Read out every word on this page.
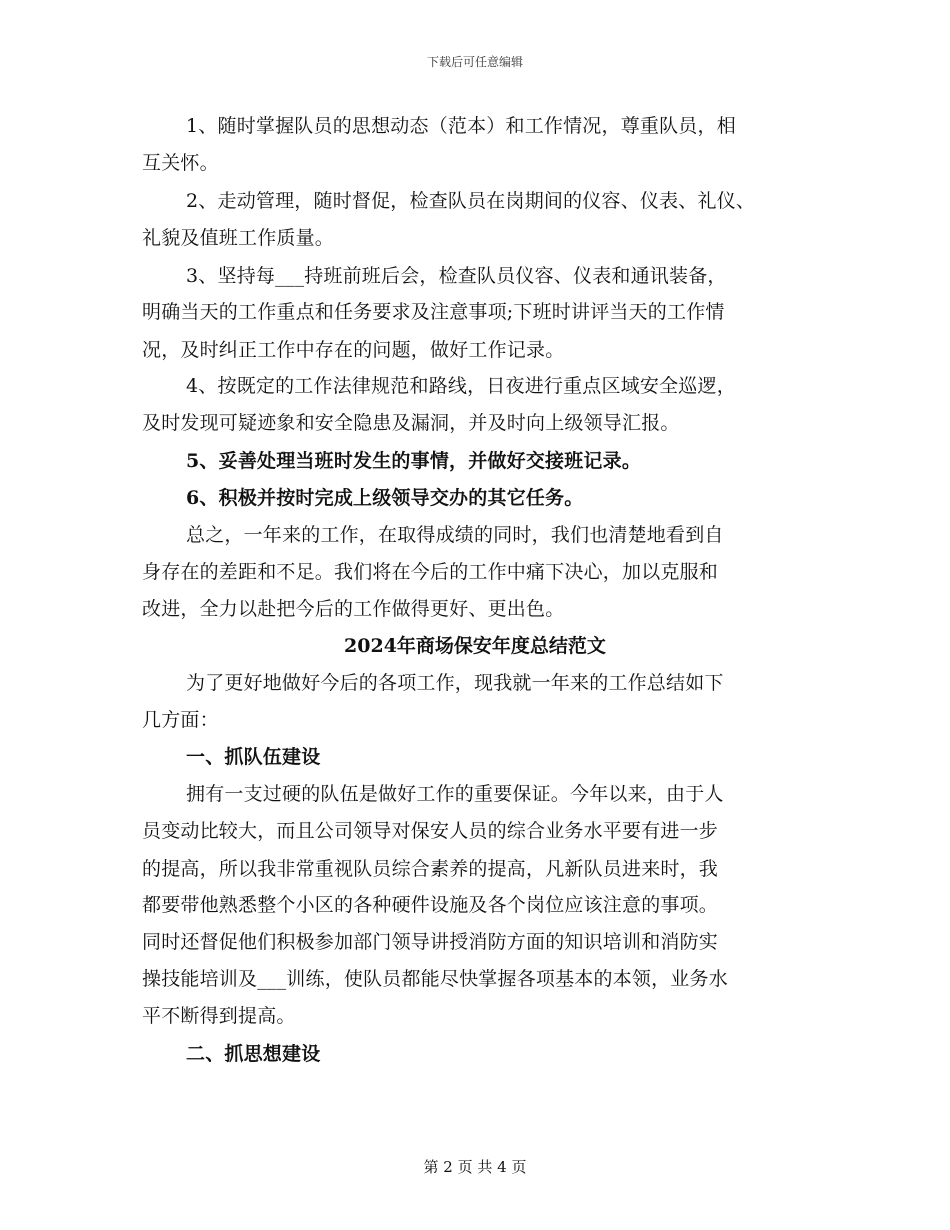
下载后可任意编辑
1、随时掌握队员的思想动态（范本）和工作情况，尊重队员，相
互关怀。
2、走动管理，随时督促，检查队员在岗期间的仪容、仪表、礼仪、
礼貌及值班工作质量。
3、坚持每___持班前班后会，检查队员仪容、仪表和通讯装备，
明确当天的工作重点和任务要求及注意事项;下班时讲评当天的工作情
况，及时纠正工作中存在的问题，做好工作记录。
4、按既定的工作法律规范和路线，日夜进行重点区域安全巡逻，
及时发现可疑迹象和安全隐患及漏洞，并及时向上级领导汇报。
5、妥善处理当班时发生的事情，并做好交接班记录。
6、积极并按时完成上级领导交办的其它任务。
总之，一年来的工作，在取得成绩的同时，我们也清楚地看到自
身存在的差距和不足。我们将在今后的工作中痛下决心，加以克服和
改进，全力以赴把今后的工作做得更好、更出色。
2024年商场保安年度总结范文
为了更好地做好今后的各项工作，现我就一年来的工作总结如下
几方面：
一、抓队伍建设
拥有一支过硬的队伍是做好工作的重要保证。今年以来，由于人
员变动比较大，而且公司领导对保安人员的综合业务水平要有进一步
的提高，所以我非常重视队员综合素养的提高，凡新队员进来时，我
都要带他熟悉整个小区的各种硬件设施及各个岗位应该注意的事项。
同时还督促他们积极参加部门领导讲授消防方面的知识培训和消防实
操技能培训及___训练，使队员都能尽快掌握各项基本的本领，业务水
平不断得到提高。
二、抓思想建设
第 2 页 共 4 页
